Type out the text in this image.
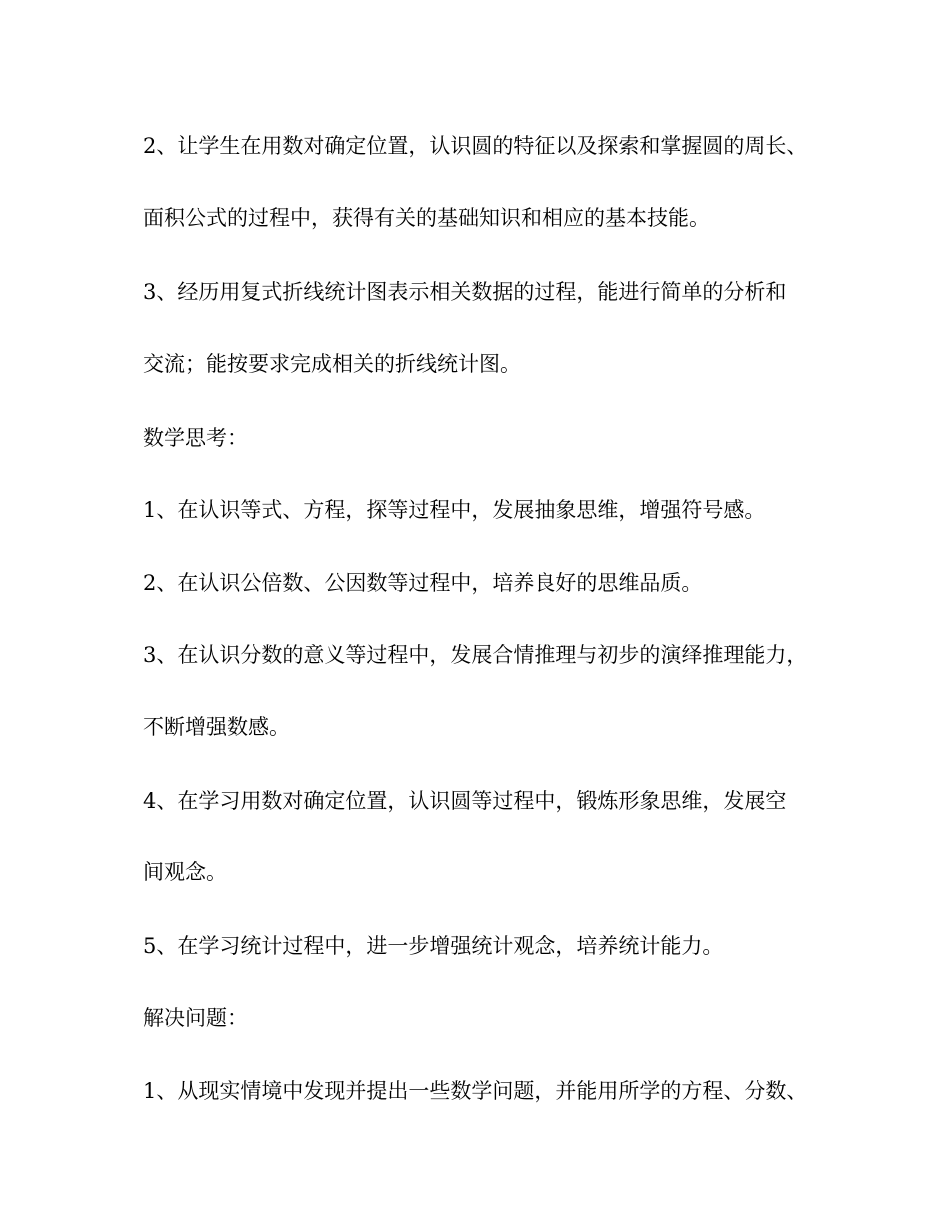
2、让学生在用数对确定位置，认识圆的特征以及探索和掌握圆的周长、

面积公式的过程中，获得有关的基础知识和相应的基本技能。

3、经历用复式折线统计图表示相关数据的过程，能进行简单的分析和

交流；能按要求完成相关的折线统计图。

数学思考：

1、在认识等式、方程，探等过程中，发展抽象思维，增强符号感。

2、在认识公倍数、公因数等过程中，培养良好的思维品质。

3、在认识分数的意义等过程中，发展合情推理与初步的演绎推理能力，

不断增强数感。

4、在学习用数对确定位置，认识圆等过程中，锻炼形象思维，发展空

间观念。

5、在学习统计过程中，进一步增强统计观念，培养统计能力。

解决问题：

1、从现实情境中发现并提出一些数学问题，并能用所学的方程、分数、
